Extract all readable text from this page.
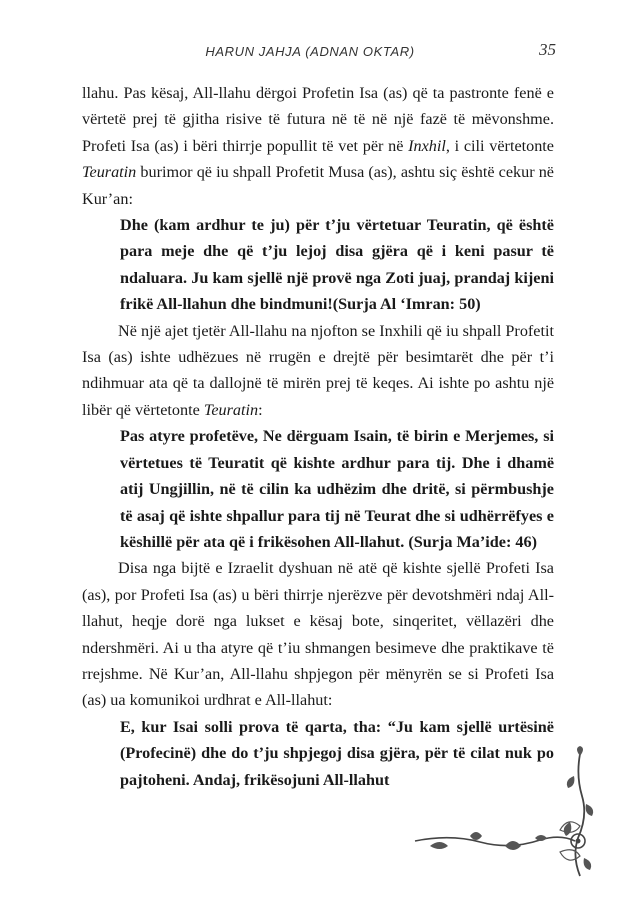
HARUN JAHJA (ADNAN OKTAR)	35

llahu. Pas kësaj, All-llahu dërgoi Profetin Isa (as) që ta pastronte fenë e vërtetë prej të gjitha risive të futura në të në një fazë të mëvonshme. Profeti Isa (as) i bëri thirrje popullit të vet për në Inxhil, i cili vërtetonte Teuratin burimor që iu shpall Profetit Musa (as), ashtu siç është cekur në Kur’an:

Dhe (kam ardhur te ju) për t’ju vërtetuar Teuratin, që është para meje dhe që t’ju lejoj disa gjëra që i keni pasur të ndaluara. Ju kam sjellë një provë nga Zoti juaj, prandaj kijeni frikë All-llahun dhe bindmuni!(Surja Al ‘Imran: 50)

Në një ajet tjetër All-llahu na njofton se Inxhili që iu shpall Profetit Isa (as) ishte udhëzues në rrugën e drejtë për besimtarët dhe për t’i ndihmuar ata që ta dallojnë të mirën prej të keqes. Ai ishte po ashtu një libër që vërtetonte Teuratin:

Pas atyre profetëve, Ne dërguam Isain, të birin e Merjemes, si vërtetues të Teuratit që kishte ardhur para tij. Dhe i dhamë atij Ungjillin, në të cilin ka udhëzim dhe dritë, si përmbushje të asaj që ishte shpallur para tij në Teurat dhe si udhërrëfyes e këshillë për ata që i frikësohen All-llahut. (Surja Ma’ide: 46)

Disa nga bijtë e Izraelit dyshuan në atë që kishte sjellë Profeti Isa (as), por Profeti Isa (as) u bëri thirrje njerëzve për devotshmëri ndaj All-llahut, heqje dorë nga lukset e kësaj bote, sinqeritet, vëllazëri dhe ndershmëri. Ai u tha atyre që t’iu shmangen besimeve dhe praktikave të rrejshme. Në Kur’an, All-llahu shpjegon për mënyrën se si Profeti Isa (as) ua komunikoi urdhrat e All-llahut:

E, kur Isai solli prova të qarta, tha: “Ju kam sjellë urtësinë (Profecinë) dhe do t’ju shpjegoj disa gjëra, për të cilat nuk po pajtoheni. Andaj, frikësojuni All-llahut
